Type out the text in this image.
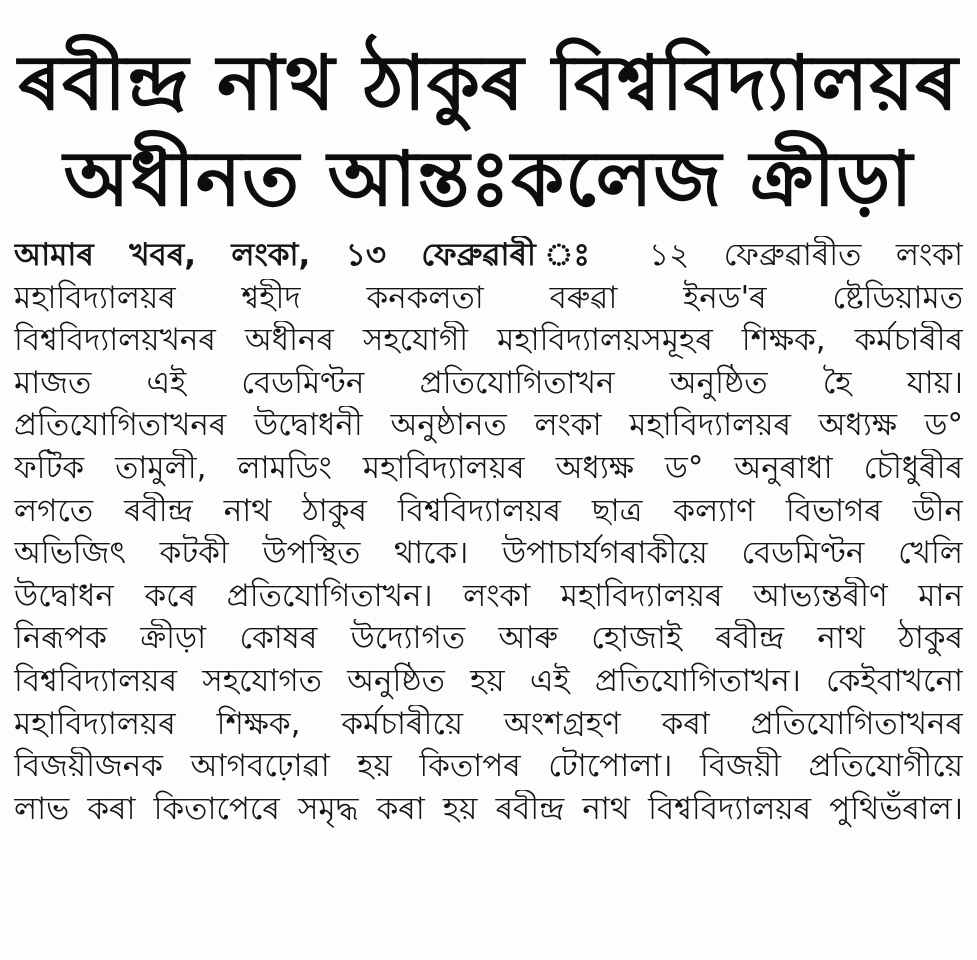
ৰবীন্দ্ৰ নাথ ঠাকুৰ বিশ্ববিদ্যালয়ৰ
অধীনত আন্তঃকলেজ ক্ৰীড়া
আমাৰ খবৰ, লংকা, ১৩ ফেব্ৰুৱাৰী ঃ ১২ ফেব্ৰুৱাৰীত লংকা
মহাবিদ্যালয়ৰ শ্বহীদ কনকলতা বৰুৱা ইনড'ৰ ষ্টেডিয়ামত
বিশ্ববিদ্যালয়খনৰ অধীনৰ সহযোগী মহাবিদ্যালয়সমূহৰ শিক্ষক, কৰ্মচাৰীৰ
মাজত এই বেডমিণ্টন প্ৰতিযোগিতাখন অনুষ্ঠিত হৈ যায়।
প্ৰতিযোগিতাখনৰ উদ্বোধনী অনুষ্ঠানত লংকা মহাবিদ্যালয়ৰ অধ্যক্ষ ড°
ফটিক তামুলী, লামডিং মহাবিদ্যালয়ৰ অধ্যক্ষ ড° অনুৰাধা চৌধুৰীৰ
লগতে ৰবীন্দ্ৰ নাথ ঠাকুৰ বিশ্ববিদ্যালয়ৰ ছাত্ৰ কল্যাণ বিভাগৰ ডীন
অভিজিৎ কটকী উপস্থিত থাকে। উপাচাৰ্যগৰাকীয়ে বেডমিণ্টন খেলি
উদ্বোধন কৰে প্ৰতিযোগিতাখন। লংকা মহাবিদ্যালয়ৰ আভ্যন্তৰীণ মান
নিৰূপক ক্ৰীড়া কোষৰ উদ্যোগত আৰু হোজাই ৰবীন্দ্ৰ নাথ ঠাকুৰ
বিশ্ববিদ্যালয়ৰ সহযোগত অনুষ্ঠিত হয় এই প্ৰতিযোগিতাখন। কেইবাখনো
মহাবিদ্যালয়ৰ শিক্ষক, কৰ্মচাৰীয়ে অংশগ্ৰহণ কৰা প্ৰতিযোগিতাখনৰ
বিজয়ীজনক আগবঢ়োৱা হয় কিতাপৰ টোপোলা। বিজয়ী প্ৰতিযোগীয়ে
লাভ কৰা কিতাপেৰে সমৃদ্ধ কৰা হয় ৰবীন্দ্ৰ নাথ বিশ্ববিদ্যালয়ৰ পুথিভঁৰাল।
